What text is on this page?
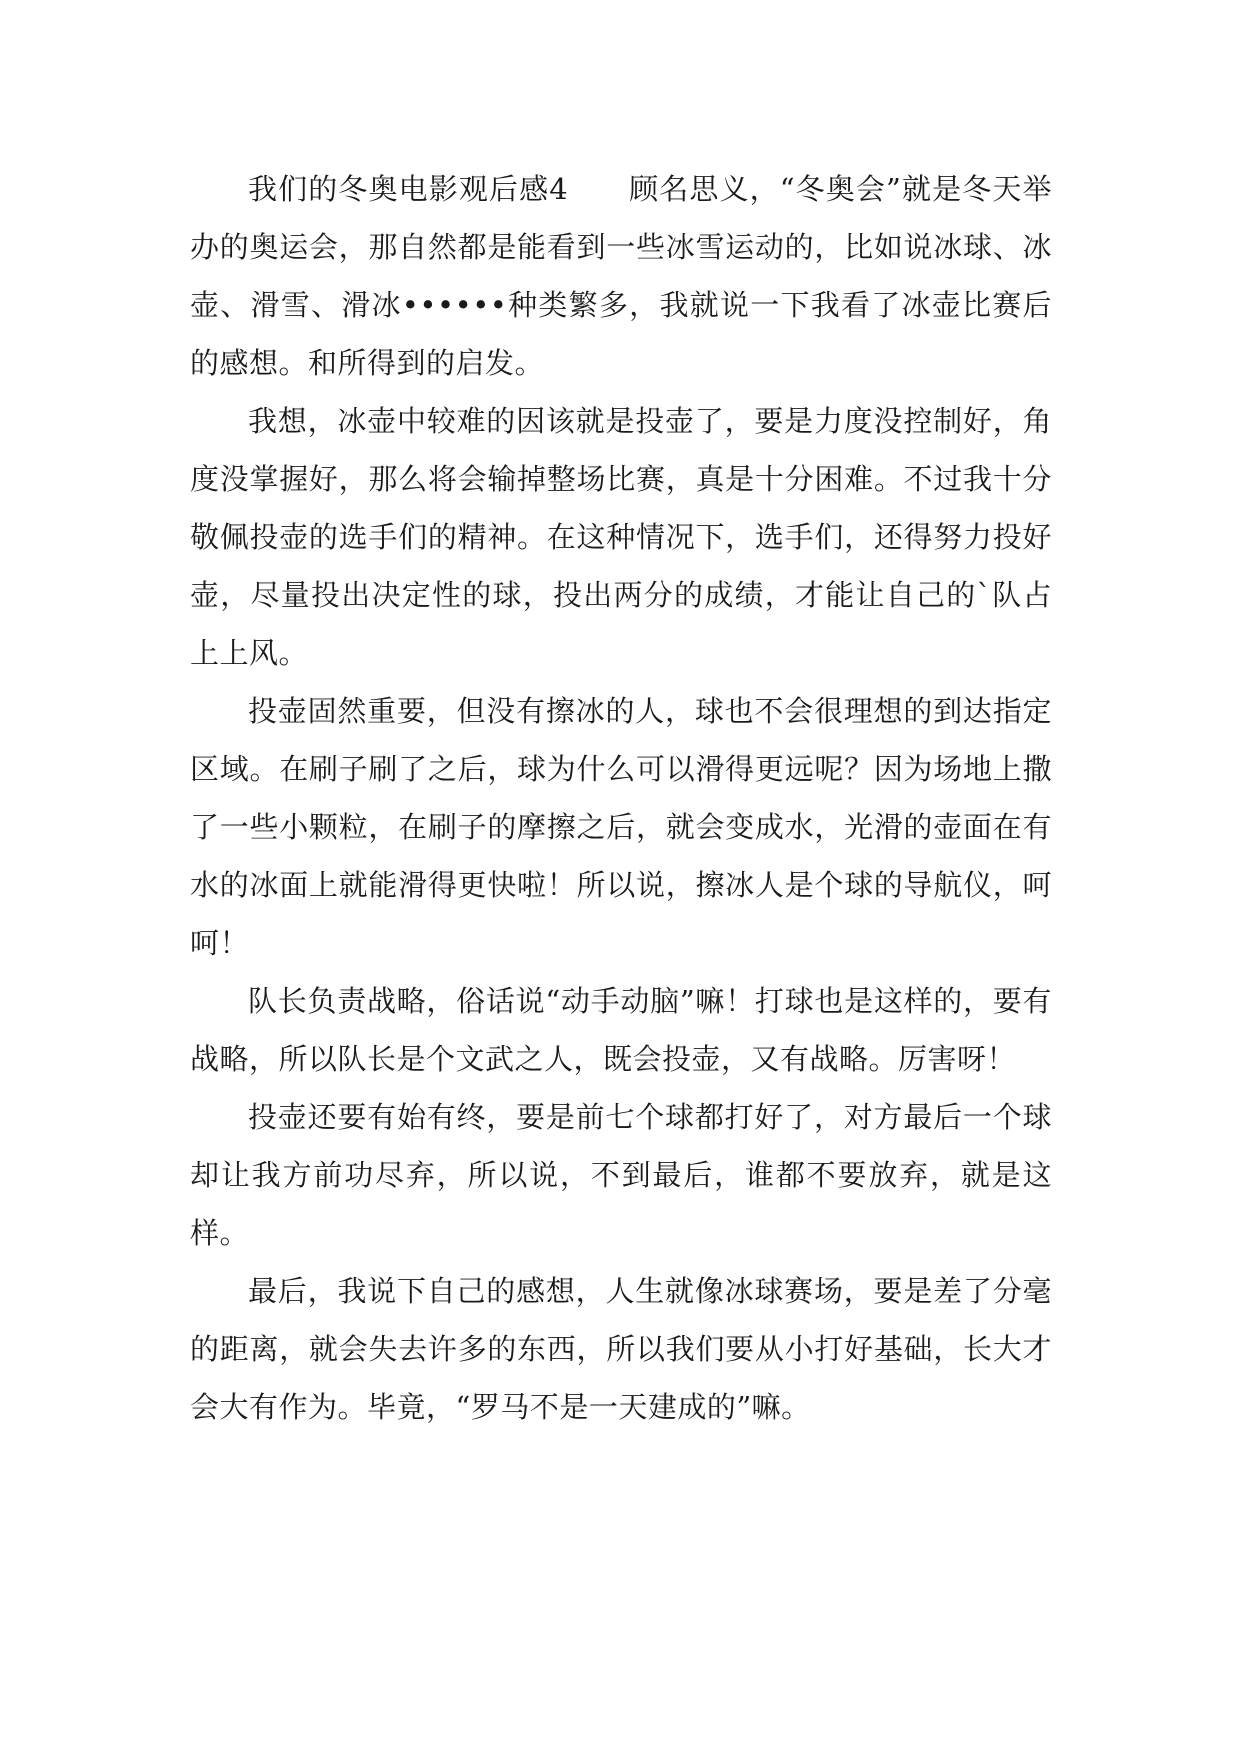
我们的冬奥电影观后感4　　顾名思义，“冬奥会”就是冬天举办的奥运会，那自然都是能看到一些冰雪运动的，比如说冰球、冰壶、滑雪、滑冰••••••种类繁多，我就说一下我看了冰壶比赛后的感想。和所得到的启发。

我想，冰壶中较难的因该就是投壶了，要是力度没控制好，角度没掌握好，那么将会输掉整场比赛，真是十分困难。不过我十分敬佩投壶的选手们的精神。在这种情况下，选手们，还得努力投好壶，尽量投出决定性的球，投出两分的成绩，才能让自己的`队占上上风。

投壶固然重要，但没有擦冰的人，球也不会很理想的到达指定区域。在刷子刷了之后，球为什么可以滑得更远呢？因为场地上撒了一些小颗粒，在刷子的摩擦之后，就会变成水，光滑的壶面在有水的冰面上就能滑得更快啦！所以说，擦冰人是个球的导航仪，呵呵！

队长负责战略，俗话说“动手动脑”嘛！打球也是这样的，要有战略，所以队长是个文武之人，既会投壶，又有战略。厉害呀！

投壶还要有始有终，要是前七个球都打好了，对方最后一个球却让我方前功尽弃，所以说，不到最后，谁都不要放弃，就是这样。

最后，我说下自己的感想，人生就像冰球赛场，要是差了分毫的距离，就会失去许多的东西，所以我们要从小打好基础，长大才会大有作为。毕竟，“罗马不是一天建成的”嘛。
